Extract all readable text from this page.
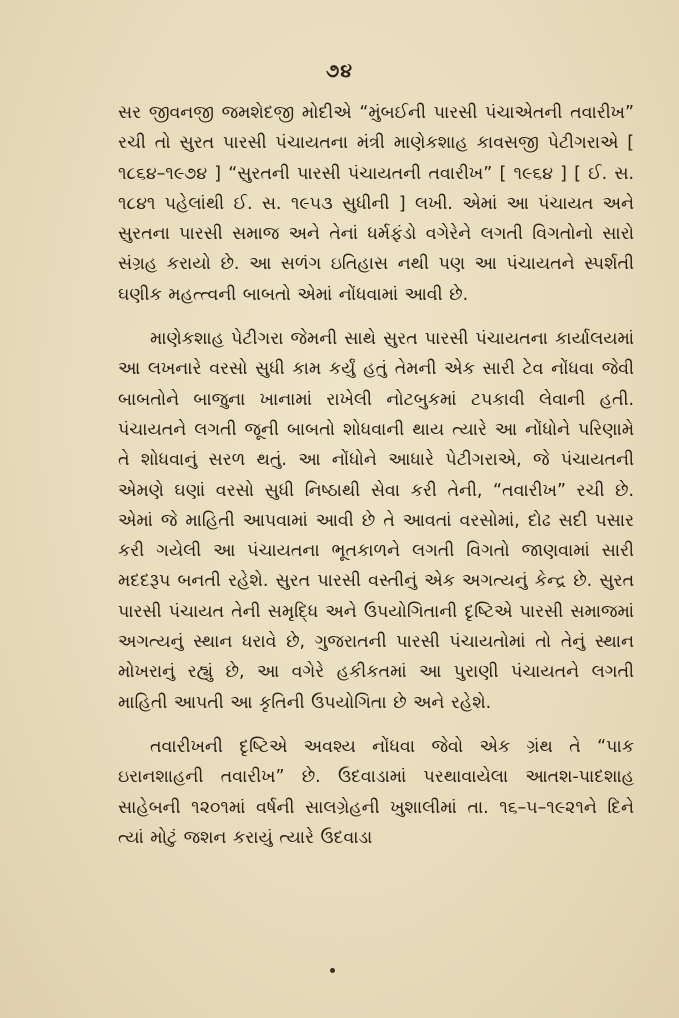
૭૪

સર જીવનજી જમશેદજી મોદીએ “મુંબઈની પારસી પંચાએતની તવારીખ” રચી તો સુરત પારસી પંચાયતના મંત્રી માણેકશાહ કાવસજી પેટીગરાએ [ ૧૮૬૪–૧૯૭૪ ] “સુરતની પારસી પંચાયતની તવારીખ” [ ૧૯૬૪ ] [ ઈ. સ. ૧૮૪૧ પહેલાંથી ઈ. સ. ૧૯૫૩ સુધીની ] લખી. એમાં આ પંચાયત અને સુરતના પારસી સમાજ અને તેનાં ધર્મફંડો વગેરેને લગતી વિગતોનો સારો સંગ્રહ કરાયો છે. આ સળંગ ઇતિહાસ નથી પણ આ પંચાયતને સ્પર્શતી ઘણીક મહત્ત્વની બાબતો એમાં નોંધવામાં આવી છે.

માણેકશાહ પેટીગરા જેમની સાથે સુરત પારસી પંચાયતના કાર્યાલયમાં આ લખનારે વરસો સુધી કામ કર્યું હતું તેમની એક સારી ટેવ નોંધવા જેવી બાબતોને બાજુના ખાનામાં રાખેલી નોટબુકમાં ટપકાવી લેવાની હતી. પંચાયતને લગતી જૂની બાબતો શોધવાની થાય ત્યારે આ નોંધોને પરિણામે તે શોધવાનું સરળ થતું. આ નોંધોને આધારે પેટીગરાએ, જે પંચાયતની એમણે ઘણાં વરસો સુધી નિષ્ઠાથી સેવા કરી તેની, “તવારીખ” રચી છે. એમાં જે માહિતી આપવામાં આવી છે તે આવતાં વરસોમાં, દોઢ સદી પસાર કરી ગયેલી આ પંચાયતના ભૂતકાળને લગતી વિગતો જાણવામાં સારી મદદરૂપ બનતી રહેશે. સુરત પારસી વસ્તીનું એક અગત્યનું કેન્દ્ર છે. સુરત પારસી પંચાયત તેની સમૃદ્ધિ અને ઉપયોગિતાની દૃષ્ટિએ પારસી સમાજમાં અગત્યનું સ્થાન ધરાવે છે, ગુજરાતની પારસી પંચાયતોમાં તો તેનું સ્થાન મોખરાનું રહ્યું છે, આ વગેરે હકીકતમાં આ પુરાણી પંચાયતને લગતી માહિતી આપતી આ કૃતિની ઉપયોગિતા છે અને રહેશે.

તવારીખની દૃષ્ટિએ અવશ્ય નોંધવા જેવો એક ગ્રંથ તે “પાક ઇરાનશાહની તવારીખ” છે. ઉદવાડામાં પરથાવાયેલા આતશ-પાદશાહ સાહેબની ૧૨૦૧માં વર્ષની સાલગ્રેહની ખુશાલીમાં તા. ૧૬–૫–૧૯૨૧ને દિને ત્યાં મોટું જશન કરાયું ત્યારે ઉદવાડા
